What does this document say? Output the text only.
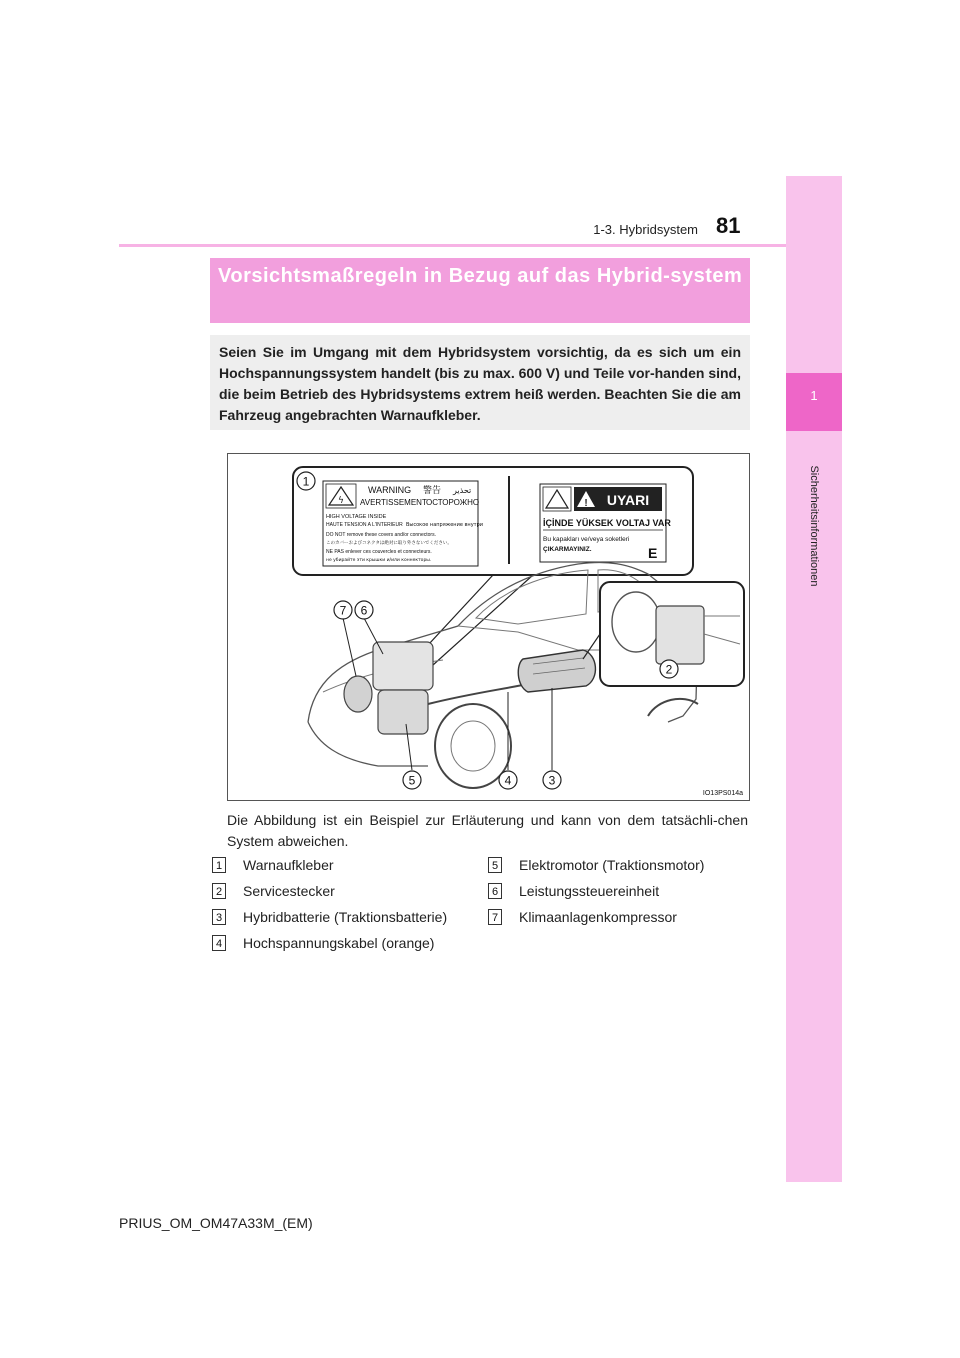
1
Sicherheitsinformationen
1-3. Hybridsystem 81
Vorsichtsmaßregeln in Bezug auf das Hybrid-system
Seien Sie im Umgang mit dem Hybridsystem vorsichtig, da es sich um ein Hochspannungssystem handelt (bis zu max. 600 V) und Teile vor-handen sind, die beim Betrieb des Hybridsystems extrem heiß werden. Beachten Sie die am Fahrzeug angebrachten Warnaufkleber.
ϟ
WARNING 警告 تحذير
AVERTISSEMENT ОСТОРОЖНО
HIGH VOLTAGE INSIDE
HAUTE TENSION A L'INTERIEUR Высокое напряжение внутри
DO NOT remove these covers and/or connectors.
このカバーおよびコネクタは絶対に取り外さないでください。
NE PAS enlever ces couvercles et connecteurs.
не убирайте эти крышки и/или коннекторы.
! UYARI
İÇİNDE YÜKSEK VOLTAJ VAR
Bu kapakları ve/veya soketleri
ÇIKARMAYINIZ.	E
1
2
3
4
5
6
7
IO13PS014a
Die Abbildung ist ein Beispiel zur Erläuterung und kann von dem tatsächli-chen System abweichen.
1 Warnaufkleber
2 Servicestecker
3 Hybridbatterie (Traktionsbatterie)
4 Hochspannungskabel (orange)
5 Elektromotor (Traktionsmotor)
6 Leistungssteuereinheit
7 Klimaanlagenkompressor
PRIUS_OM_OM47A33M_(EM)
